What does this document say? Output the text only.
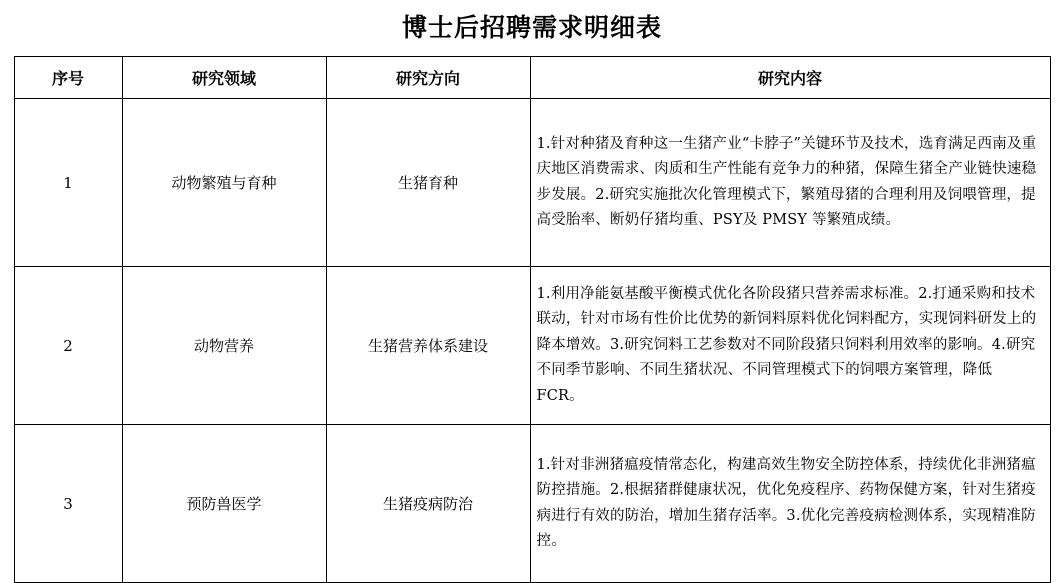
博士后招聘需求明细表
序号	研究领域	研究方向	研究内容
1	动物繁殖与育种	生猪育种	1.针对种猪及育种这一生猪产业“卡脖子”关键环节及技术，选育满足西南及重庆地区消费需求、肉质和生产性能有竞争力的种猪，保障生猪全产业链快速稳步发展。2.研究实施批次化管理模式下，繁殖母猪的合理利用及饲喂管理，提高受胎率、断奶仔猪均重、PSY及 PMSY 等繁殖成绩。
2	动物营养	生猪营养体系建设	1.利用净能氨基酸平衡模式优化各阶段猪只营养需求标准。2.打通采购和技术联动，针对市场有性价比优势的新饲料原料优化饲料配方，实现饲料研发上的降本增效。3.研究饲料工艺参数对不同阶段猪只饲料利用效率的影响。4.研究不同季节影响、不同生猪状况、不同管理模式下的饲喂方案管理，降低 FCR。
3	预防兽医学	生猪疫病防治	1.针对非洲猪瘟疫情常态化，构建高效生物安全防控体系，持续优化非洲猪瘟防控措施。2.根据猪群健康状况，优化免疫程序、药物保健方案，针对生猪疫病进行有效的防治，增加生猪存活率。3.优化完善疫病检测体系，实现精准防控。
